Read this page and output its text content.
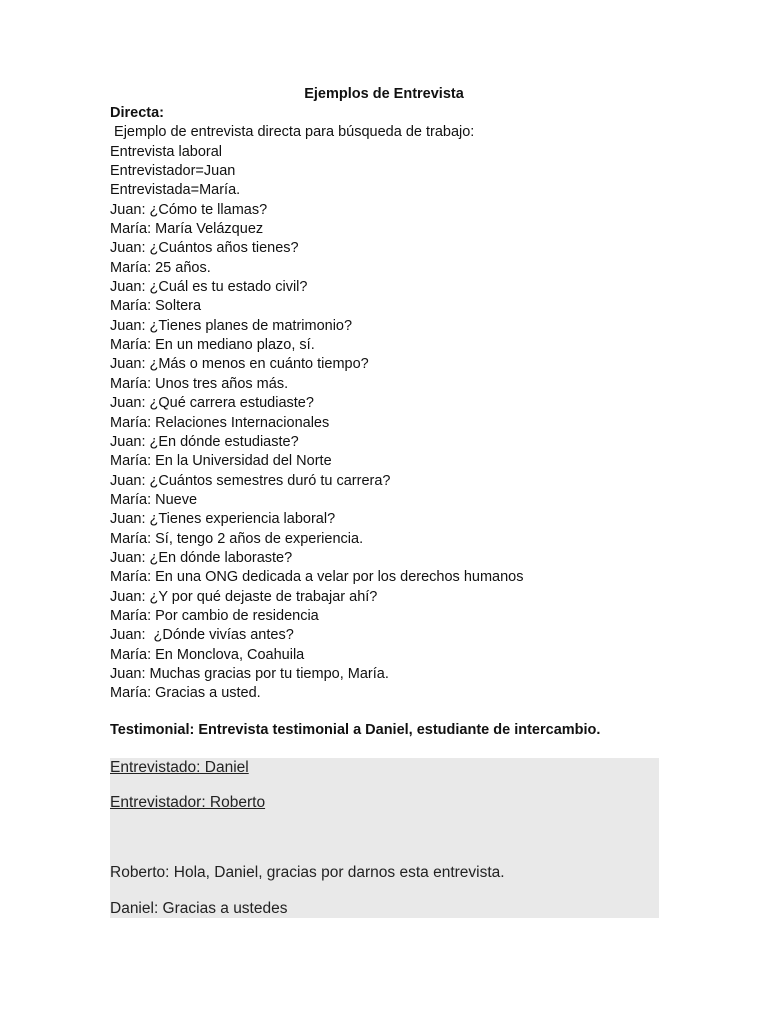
Ejemplos de Entrevista
Directa:
Ejemplo de entrevista directa para búsqueda de trabajo:
Entrevista laboral
Entrevistador=Juan
Entrevistada=María.
Juan: ¿Cómo te llamas?
María: María Velázquez
Juan: ¿Cuántos años tienes?
María: 25 años.
Juan: ¿Cuál es tu estado civil?
María: Soltera
Juan: ¿Tienes planes de matrimonio?
María: En un mediano plazo, sí.
Juan: ¿Más o menos en cuánto tiempo?
María: Unos tres años más.
Juan: ¿Qué carrera estudiaste?
María: Relaciones Internacionales
Juan: ¿En dónde estudiaste?
María: En la Universidad del Norte
Juan: ¿Cuántos semestres duró tu carrera?
María: Nueve
Juan: ¿Tienes experiencia laboral?
María: Sí, tengo 2 años de experiencia.
Juan: ¿En dónde laboraste?
María: En una ONG dedicada a velar por los derechos humanos
Juan: ¿Y por qué dejaste de trabajar ahí?
María: Por cambio de residencia
Juan:  ¿Dónde vivías antes?
María: En Monclova, Coahuila
Juan: Muchas gracias por tu tiempo, María.
María: Gracias a usted.
Testimonial: Entrevista testimonial a Daniel, estudiante de intercambio.
Entrevistado: Daniel
Entrevistador: Roberto
Roberto: Hola, Daniel, gracias por darnos esta entrevista.
Daniel: Gracias a ustedes
